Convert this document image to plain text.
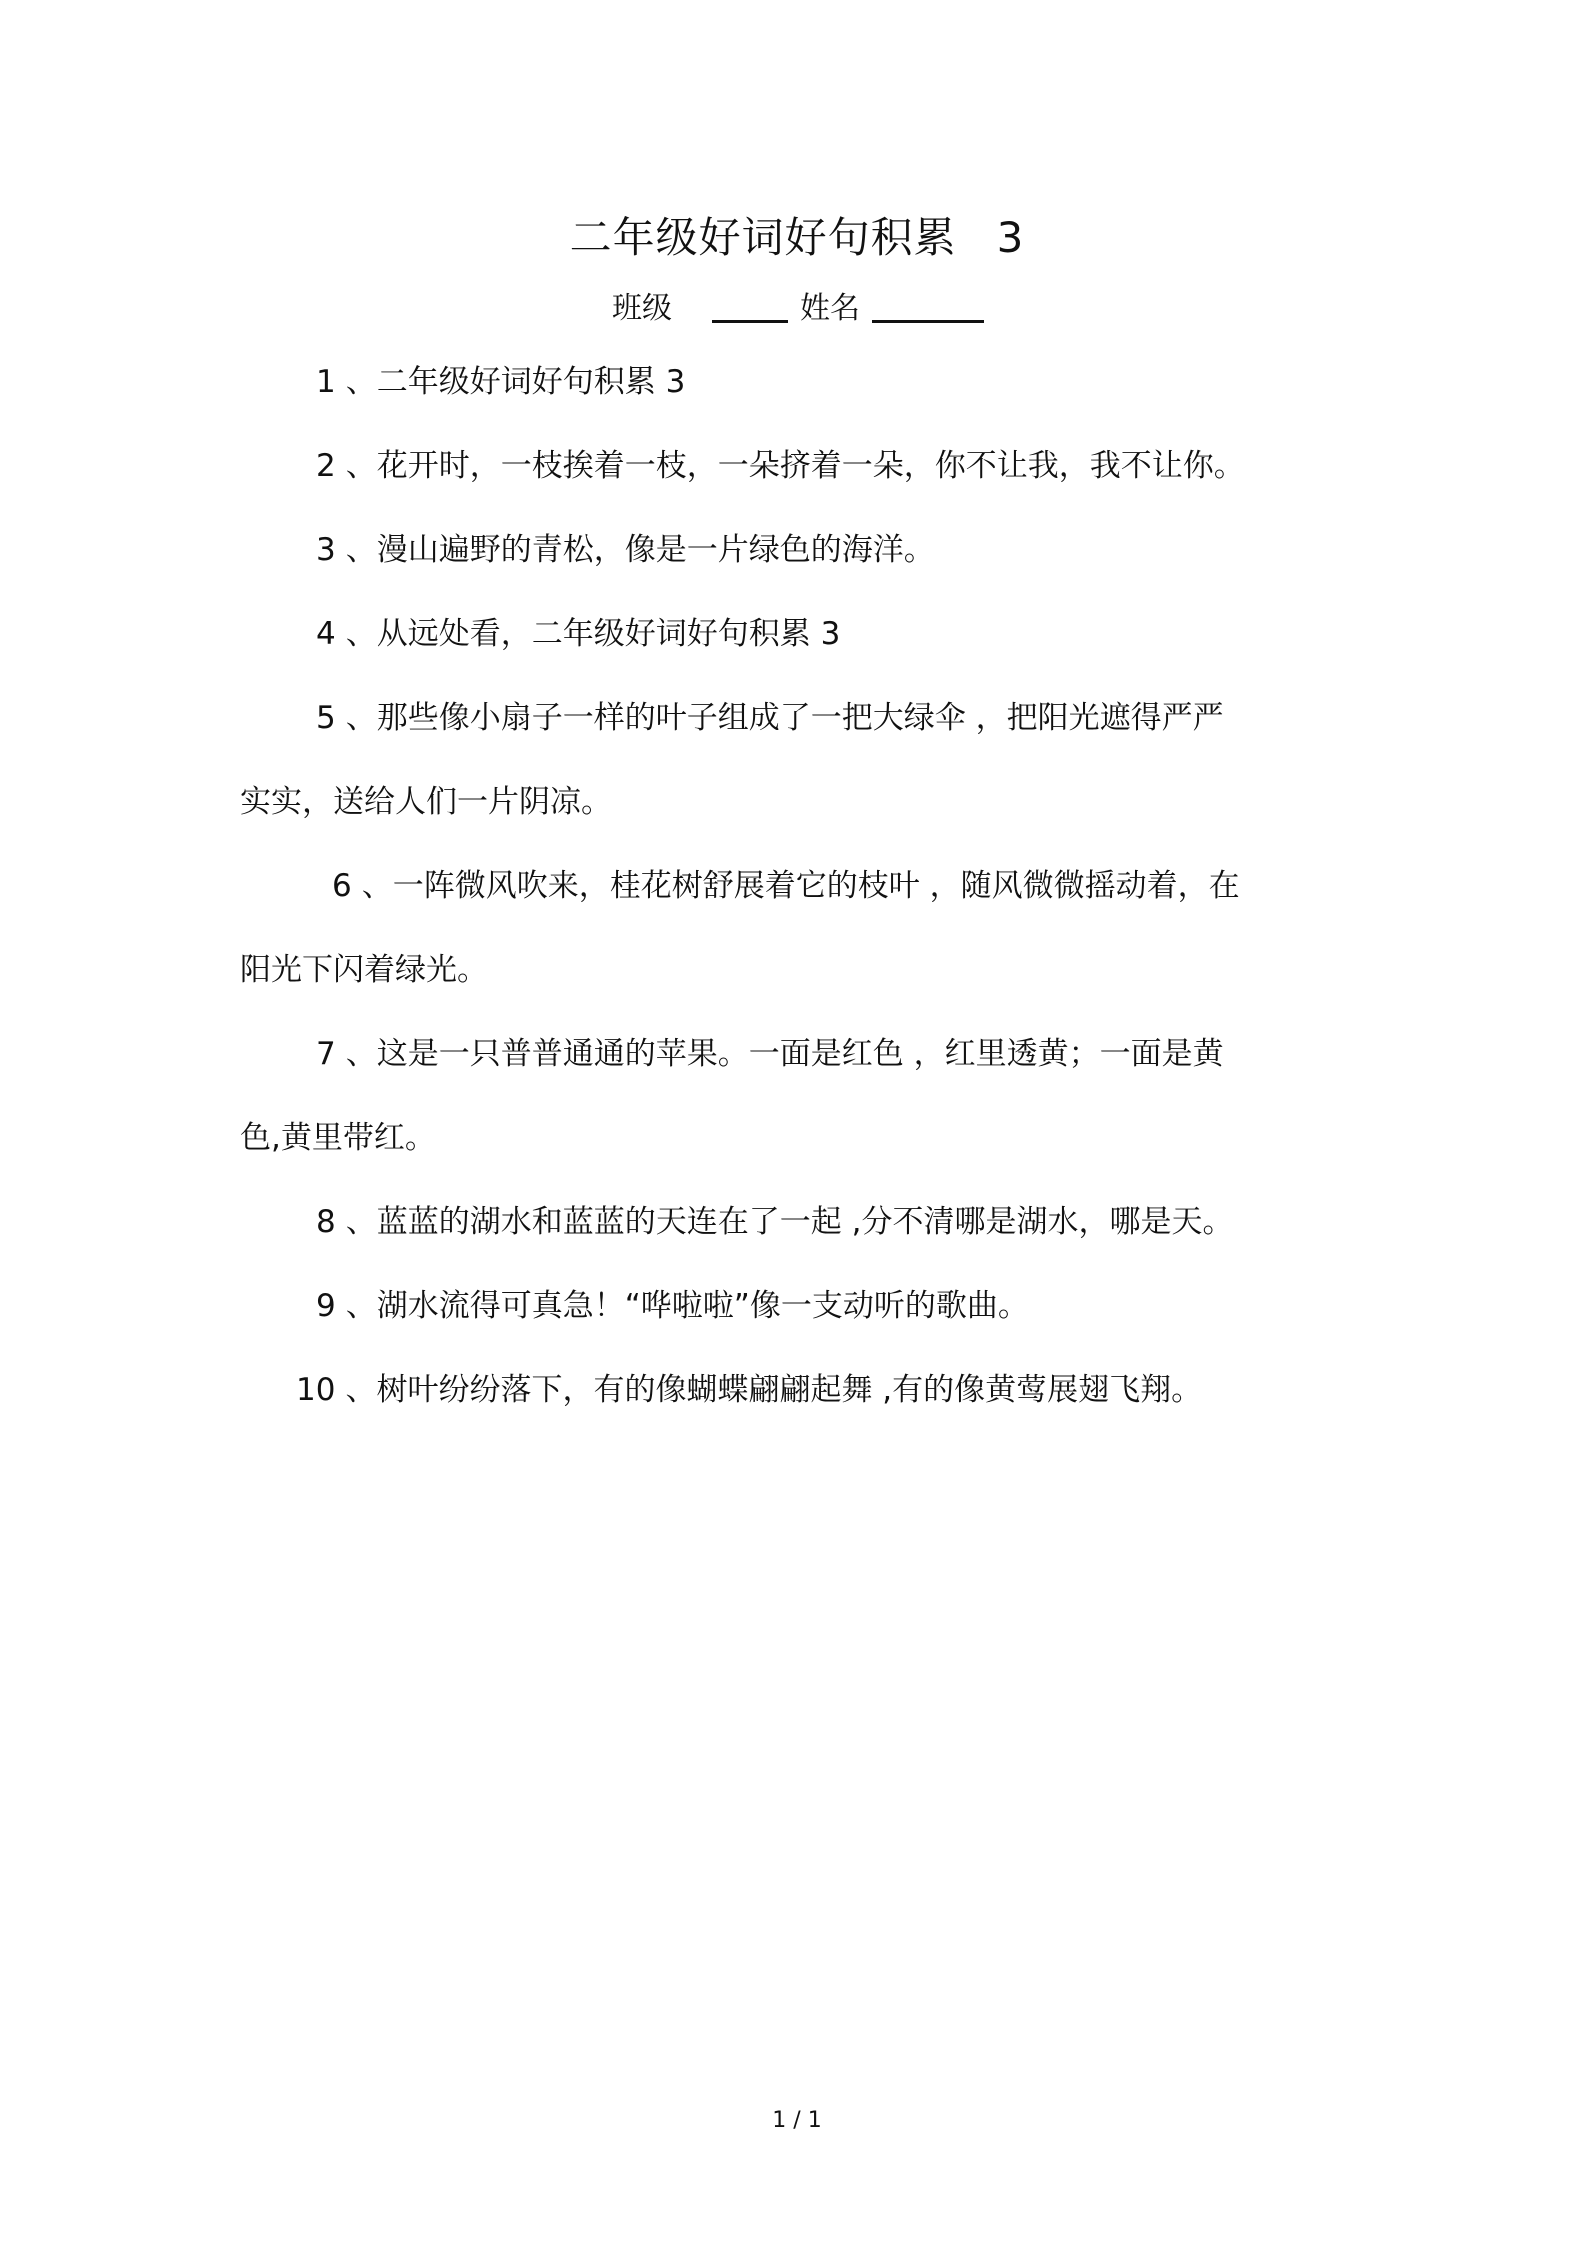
二年级好词好句积累 3
班级	姓名
1 、二年级好词好句积累 3
2 、花开时，一枝挨着一枝，一朵挤着一朵，你不让我，我不让你。
3 、漫山遍野的青松，像是一片绿色的海洋。
4 、从远处看，二年级好词好句积累 3
5 、那些像小扇子一样的叶子组成了一把大绿伞 ，把阳光遮得严严
实实，送给人们一片阴凉。
6 、一阵微风吹来，桂花树舒展着它的枝叶 ，随风微微摇动着，在
阳光下闪着绿光。
7 、这是一只普普通通的苹果。一面是红色 ，红里透黄；一面是黄
色,黄里带红。
8 、蓝蓝的湖水和蓝蓝的天连在了一起 ,分不清哪是湖水，哪是天。
9 、湖水流得可真急！“哗啦啦”像一支动听的歌曲。
10 、树叶纷纷落下，有的像蝴蝶翩翩起舞 ,有的像黄莺展翅飞翔。
1 / 1
